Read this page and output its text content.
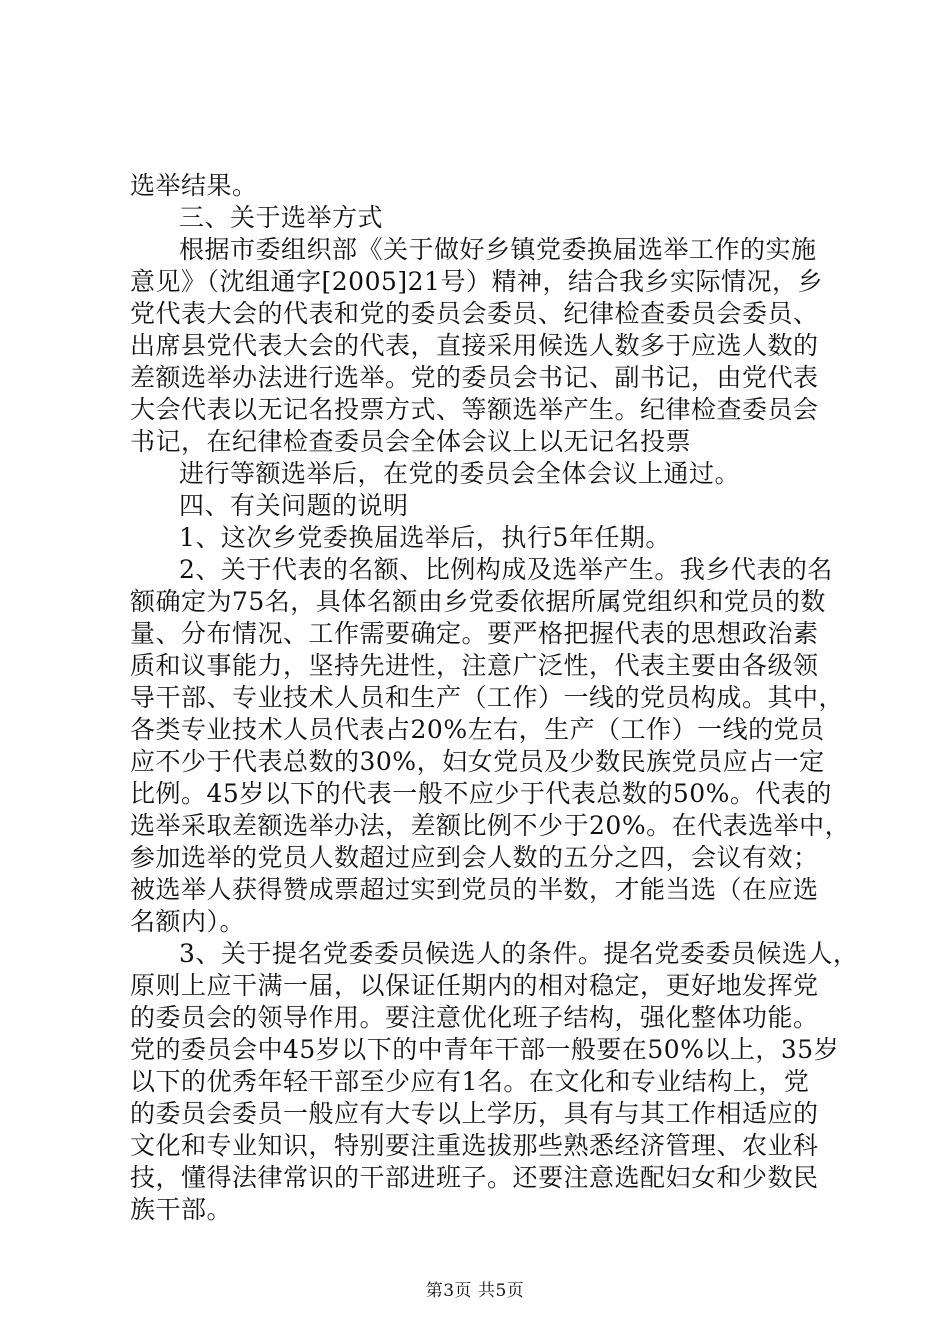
选举结果。
三、关于选举方式
根据市委组织部《关于做好乡镇党委换届选举工作的实施
意见》（沈组通字[2005]21号）精神，结合我乡实际情况，乡
党代表大会的代表和党的委员会委员、纪律检查委员会委员、
出席县党代表大会的代表，直接采用候选人数多于应选人数的
差额选举办法进行选举。党的委员会书记、副书记，由党代表
大会代表以无记名投票方式、等额选举产生。纪律检查委员会
书记，在纪律检查委员会全体会议上以无记名投票
进行等额选举后，在党的委员会全体会议上通过。
四、有关问题的说明
1、这次乡党委换届选举后，执行5年任期。
2、关于代表的名额、比例构成及选举产生。我乡代表的名
额确定为75名，具体名额由乡党委依据所属党组织和党员的数
量、分布情况、工作需要确定。要严格把握代表的思想政治素
质和议事能力，坚持先进性，注意广泛性，代表主要由各级领
导干部、专业技术人员和生产（工作）一线的党员构成。其中，
各类专业技术人员代表占20%左右，生产（工作）一线的党员
应不少于代表总数的30%，妇女党员及少数民族党员应占一定
比例。45岁以下的代表一般不应少于代表总数的50%。代表的
选举采取差额选举办法，差额比例不少于20%。在代表选举中，
参加选举的党员人数超过应到会人数的五分之四，会议有效；
被选举人获得赞成票超过实到党员的半数，才能当选（在应选
名额内）。
3、关于提名党委委员候选人的条件。提名党委委员候选人，
原则上应干满一届，以保证任期内的相对稳定，更好地发挥党
的委员会的领导作用。要注意优化班子结构，强化整体功能。
党的委员会中45岁以下的中青年干部一般要在50%以上，35岁
以下的优秀年轻干部至少应有1名。在文化和专业结构上，党
的委员会委员一般应有大专以上学历，具有与其工作相适应的
文化和专业知识，特别要注重选拔那些熟悉经济管理、农业科
技，懂得法律常识的干部进班子。还要注意选配妇女和少数民
族干部。
第3页 共5页
